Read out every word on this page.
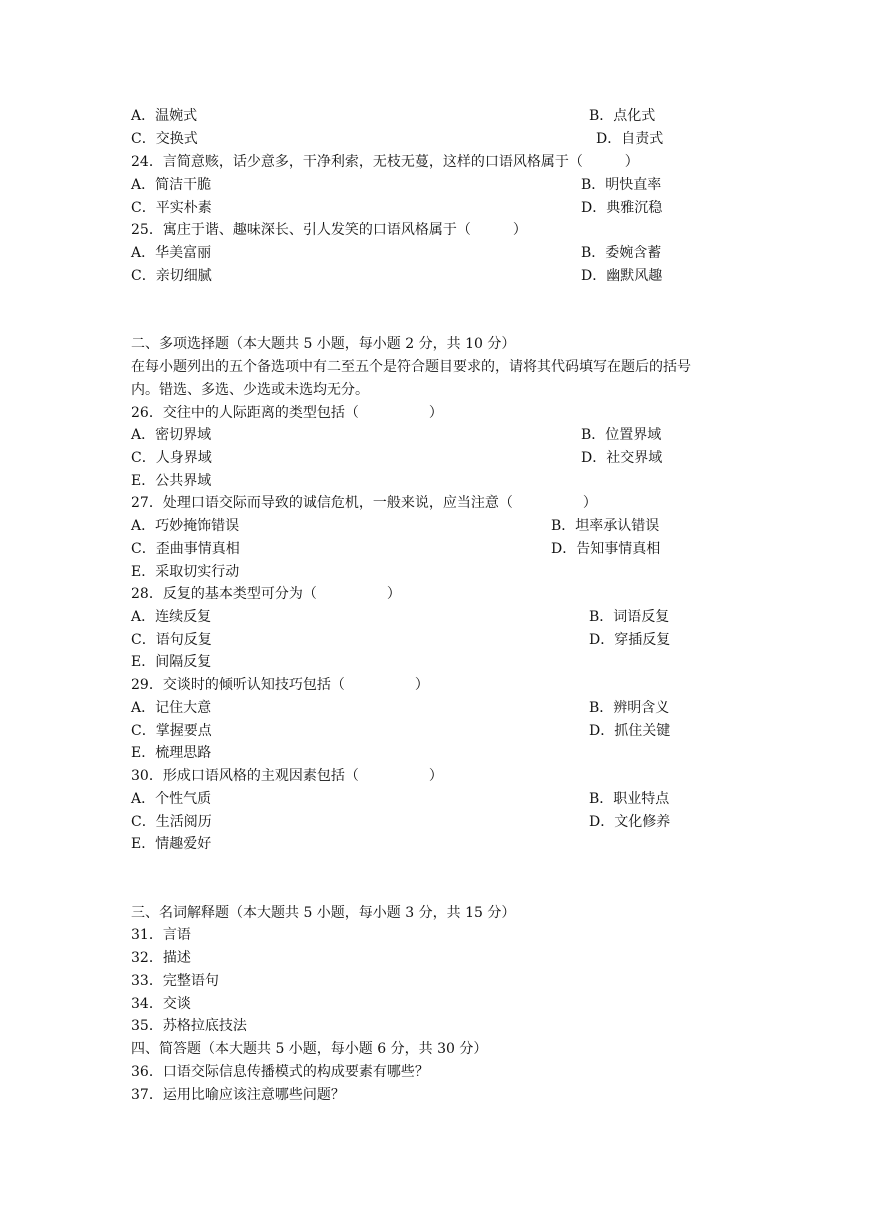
A．温婉式	B．点化式
C．交换式	D．自责式
24．言简意赅，话少意多，干净利索，无枝无蔓，这样的口语风格属于（　　　）
A．简洁干脆	B．明快直率
C．平实朴素	D．典雅沉稳
25．寓庄于谐、趣味深长、引人发笑的口语风格属于（　　　）
A．华美富丽	B．委婉含蓄
C．亲切细腻	D．幽默风趣
二、多项选择题（本大题共 5 小题，每小题 2 分，共 10 分）
在每小题列出的五个备选项中有二至五个是符合题目要求的，请将其代码填写在题后的括号
内。错选、多选、少选或未选均无分。
26．交往中的人际距离的类型包括（　　　　　）
A．密切界域	B．位置界域
C．人身界域	D．社交界域
E．公共界域
27．处理口语交际而导致的诚信危机，一般来说，应当注意（　　　　　）
A．巧妙掩饰错误	B．坦率承认错误
C．歪曲事情真相	D．告知事情真相
E．采取切实行动
28．反复的基本类型可分为（　　　　　）
A．连续反复	B．词语反复
C．语句反复	D．穿插反复
E．间隔反复
29．交谈时的倾听认知技巧包括（　　　　　）
A．记住大意	B．辨明含义
C．掌握要点	D．抓住关键
E．梳理思路
30．形成口语风格的主观因素包括（　　　　　）
A．个性气质	B．职业特点
C．生活阅历	D．文化修养
E．情趣爱好
三、名词解释题（本大题共 5 小题，每小题 3 分，共 15 分）
31．言语
32．描述
33．完整语句
34．交谈
35．苏格拉底技法
四、简答题（本大题共 5 小题，每小题 6 分，共 30 分）
36．口语交际信息传播模式的构成要素有哪些？
37．运用比喻应该注意哪些问题？
